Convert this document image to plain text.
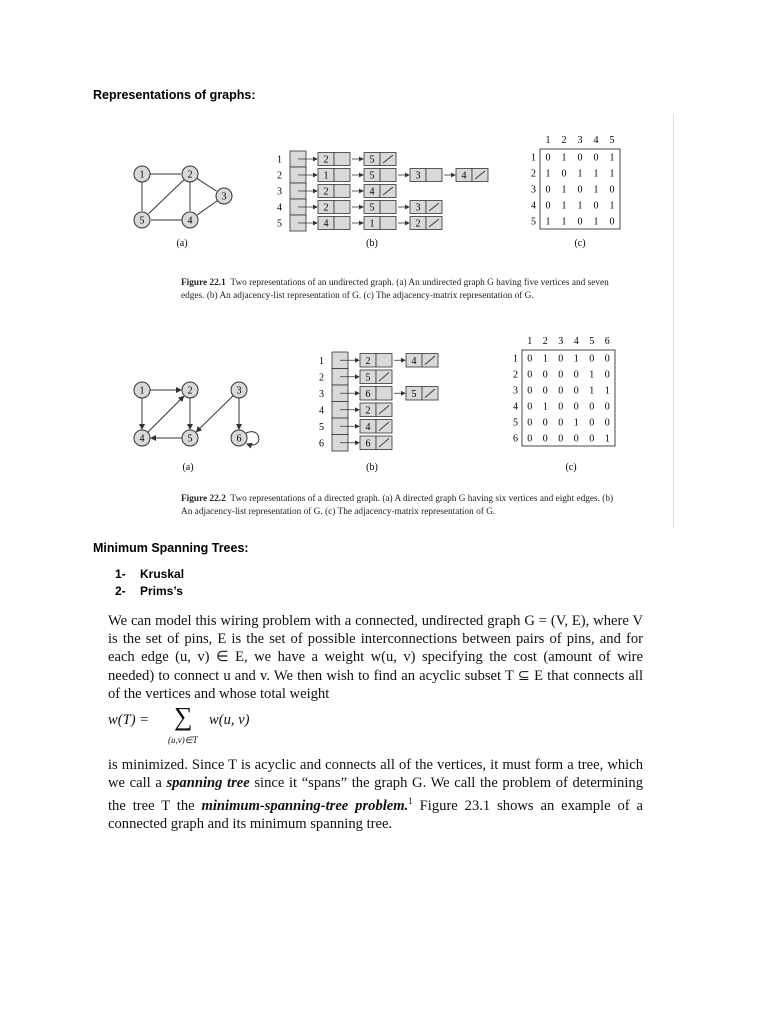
Representations of graphs:
1	2
3
4
5
(a)
1	2	5
2	1	5	3	4
3	2	4
4	2	5	3
5	4	1	2
(b)
1 2 3 4 5
1 0 1 0 0 1
2 1 0 1 1 1
3 0 1 0 1 0
4 0 1 1 0 1
5 1 1 0 1 0
(c)
Figure 22.1 Two representations of an undirected graph. (a) An undirected graph G having five vertices and seven edges. (b) An adjacency-list representation of G. (c) The adjacency-matrix representation of G.
1	2	3
4	5	6
(a)
1	2	4
2	5
3	6	5
4	2
5	4
6	6
(b)
1 2 3 4 5 6
1 0 1 0 1 0 0
2 0 0 0 0 1 0
3 0 0 0 0 1 1
4 0 1 0 0 0 0
5 0 0 0 1 0 0
6 0 0 0 0 0 1
(c)
Figure 22.2 Two representations of a directed graph. (a) A directed graph G having six vertices and eight edges. (b) An adjacency-list representation of G. (c) The adjacency-matrix representation of G.
Minimum Spanning Trees:
1- Kruskal
2- Prims’s
We can model this wiring problem with a connected, undirected graph G = (V, E), where V is the set of pins, E is the set of possible interconnections between pairs of pins, and for each edge (u, v) ∈ E, we have a weight w(u, v) specifying the cost (amount of wire needed) to connect u and v. We then wish to find an acyclic subset T ⊆ E that connects all of the vertices and whose total weight
w(T) = ∑
(u,v)∈T
w(u, v)
is minimized. Since T is acyclic and connects all of the vertices, it must form a tree, which we call a spanning tree since it “spans” the graph G. We call the problem of determining the tree T the minimum-spanning-tree problem.$^1$ Figure 23.1 shows an example of a connected graph and its minimum spanning tree.
